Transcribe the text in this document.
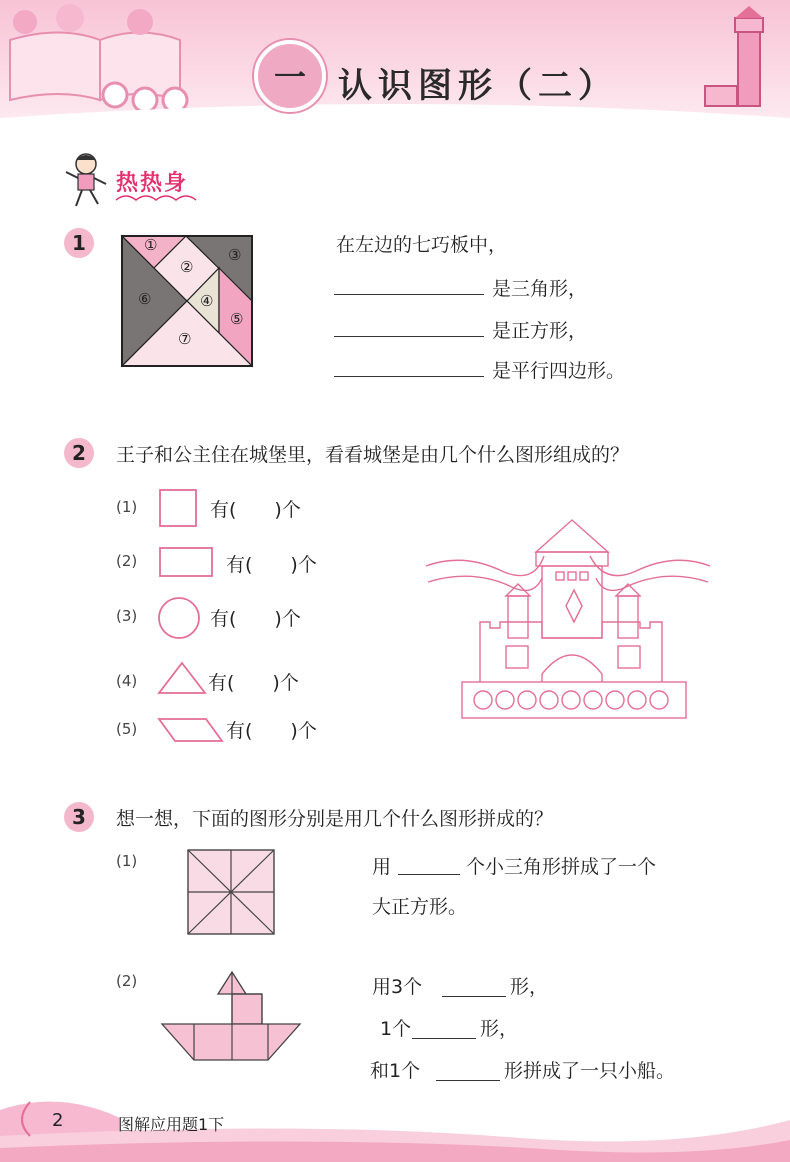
一 认识图形（二）
热热身
1	①
②
③
④
⑤
⑥
⑦
在左边的七巧板中，
是三角形，
是正方形，
是平行四边形。
2	王子和公主住在城堡里，看看城堡是由几个什么图形组成的？
(1)	有(　　)个
(2)	有(　　)个
(3)	有(　　)个
(4)	有(　　)个
(5)	有(　　)个
3	想一想，下面的图形分别是用几个什么图形拼成的？
(1)	用	个小三角形拼成了一个
大正方形。
(2)	用3个	形，
1个	形，
和1个	形拼成了一只小船。
2	图解应用题1下
